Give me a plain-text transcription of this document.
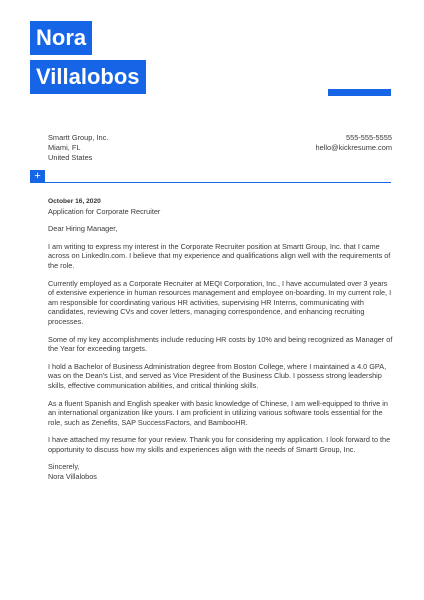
Nora
Villalobos
Smartt Group, Inc.
Miami, FL
United States
555-555-5555
hello@kickresume.com
+
October 16, 2020
Application for Corporate Recruiter

Dear Hiring Manager,

I am writing to express my interest in the Corporate Recruiter position at Smartt Group, Inc. that I came across on LinkedIn.com. I believe that my experience and qualifications align well with the requirements of the role.

Currently employed as a Corporate Recruiter at MEQI Corporation, Inc., I have accumulated over 3 years of extensive experience in human resources management and employee on-boarding. In my current role, I am responsible for coordinating various HR activities, supervising HR Interns, communicating with candidates, reviewing CVs and cover letters, managing correspondence, and enhancing recruiting processes.

Some of my key accomplishments include reducing HR costs by 10% and being recognized as Manager of the Year for exceeding targets.

I hold a Bachelor of Business Administration degree from Boston College, where I maintained a 4.0 GPA, was on the Dean's List, and served as Vice President of the Business Club. I possess strong leadership skills, effective communication abilities, and critical thinking skills.

As a fluent Spanish and English speaker with basic knowledge of Chinese, I am well-equipped to thrive in an international organization like yours. I am proficient in utilizing various software tools essential for the role, such as Zenefits, SAP SuccessFactors, and BambooHR.

I have attached my resume for your review. Thank you for considering my application. I look forward to the opportunity to discuss how my skills and experiences align with the needs of Smartt Group, Inc.

Sincerely,

Nora Villalobos
